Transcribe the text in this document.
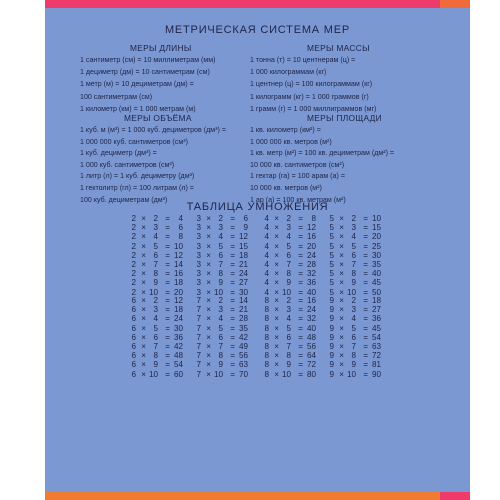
МЕТРИЧЕСКАЯ СИСТЕМА МЕР
МЕРЫ ДЛИНЫ	МЕРЫ МАССЫ
1 сантиметр (см) = 10 миллиметрам (мм)
1 дециметр (дм) = 10 сантиметрам (см)
1 метр (м) = 10 дециметрам (дм) =
100 сантиметрам (см)
1 километр (км) = 1 000 метрам (м)
1 тонна (т) = 10 центнерам (ц) =
1 000 килограммам (кг)
1 центнер (ц) = 100 килограммам (кг)
1 килограмм (кг) = 1 000 граммов (г)
1 грамм (г) = 1 000 миллиграммов (мг)
МЕРЫ ОБЪЁМА	МЕРЫ ПЛОЩАДИ
1 куб. м (м³) = 1 000 куб. дециметров (дм³) =
1 000 000 куб. сантиметров (см³)
1 куб. дециметр (дм³) =
1 000 куб. сантиметров (см³)
1 литр (л) = 1 куб. дециметру (дм³)
1 гектолитр (гл) = 100 литрам (л) =
100 куб. дециметрам (дм³)
1 кв. километр (км²) =
1 000 000 кв. метров (м²)
1 кв. метр (м²) = 100 кв. дециметрам (дм²) =
10 000 кв. сантиметров (см²)
1 гектар (га) = 100 арам (а) =
10 000 кв. метров (м²)
1 ар (а) = 100 кв. метрам (м²)
ТАБЛИЦА УМНОЖЕНИЯ
2 × 2 = 4
2 × 3 = 6
2 × 4 = 8
2 × 5 = 10
2 × 6 = 12
2 × 7 = 14
2 × 8 = 16
2 × 9 = 18
2 × 10 = 20
3 × 2 = 6
3 × 3 = 9
3 × 4 = 12
3 × 5 = 15
3 × 6 = 18
3 × 7 = 21
3 × 8 = 24
3 × 9 = 27
3 × 10 = 30
4 × 2 = 8
4 × 3 = 12
4 × 4 = 16
4 × 5 = 20
4 × 6 = 24
4 × 7 = 28
4 × 8 = 32
4 × 9 = 36
4 × 10 = 40
5 × 2 = 10
5 × 3 = 15
5 × 4 = 20
5 × 5 = 25
5 × 6 = 30
5 × 7 = 35
5 × 8 = 40
5 × 9 = 45
5 × 10 = 50
6 × 2 = 12
6 × 3 = 18
6 × 4 = 24
6 × 5 = 30
6 × 6 = 36
6 × 7 = 42
6 × 8 = 48
6 × 9 = 54
6 × 10 = 60
7 × 2 = 14
7 × 3 = 21
7 × 4 = 28
7 × 5 = 35
7 × 6 = 42
7 × 7 = 49
7 × 8 = 56
7 × 9 = 63
7 × 10 = 70
8 × 2 = 16
8 × 3 = 24
8 × 4 = 32
8 × 5 = 40
8 × 6 = 48
8 × 7 = 56
8 × 8 = 64
8 × 9 = 72
8 × 10 = 80
9 × 2 = 18
9 × 3 = 27
9 × 4 = 36
9 × 5 = 45
9 × 6 = 54
9 × 7 = 63
9 × 8 = 72
9 × 9 = 81
9 × 10 = 90
